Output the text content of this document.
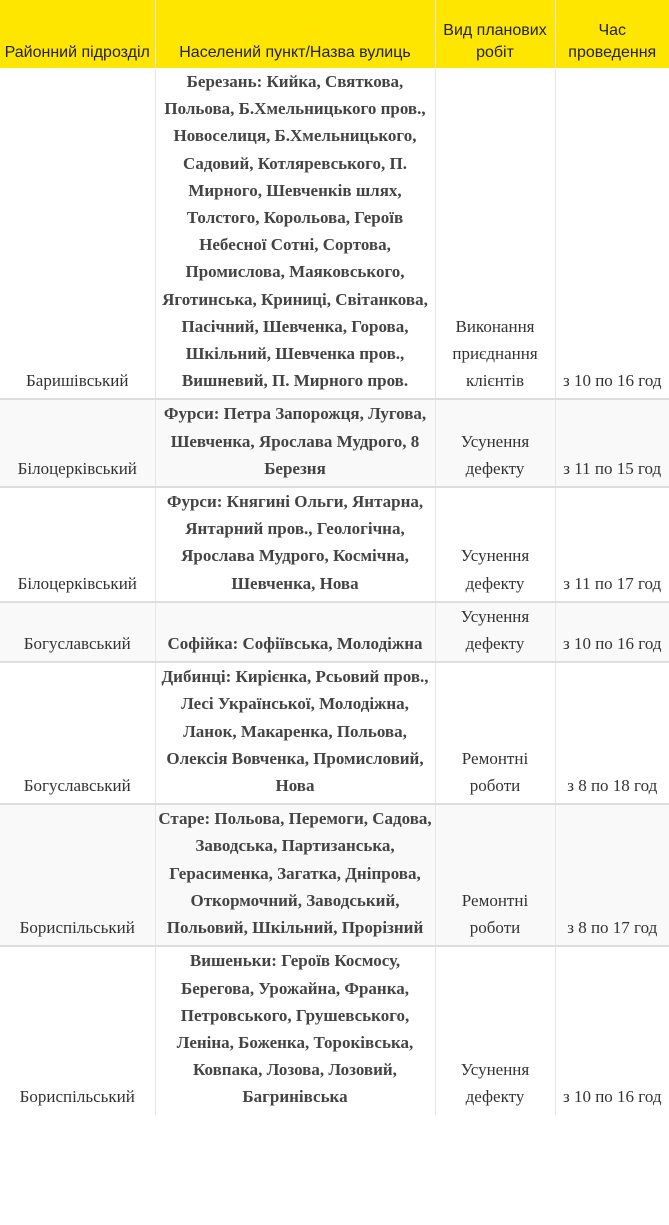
Районний підрозділ	Населений пункт/Назва вулиць	Вид планових робіт	Час проведення
Баришівський	Березань: Кийка, Святкова, Польова, Б.Хмельницького пров., Новоселиця, Б.Хмельницького, Садовий, Котляревського, П. Мирного, Шевченків шлях, Толстого, Корольова, Героїв Небесної Сотні, Сортова, Промислова, Маяковського, Яготинська, Криниці, Світанкова, Пасічний, Шевченка, Горова, Шкільний, Шевченка пров., Вишневий, П. Мирного пров.	Виконання приєднання клієнтів	з 10 по 16 год
Білоцерківський	Фурси: Петра Запорожця, Лугова, Шевченка, Ярослава Мудрого, 8 Березня	Усунення дефекту	з 11 по 15 год
Білоцерківський	Фурси: Княгині Ольги, Янтарна, Янтарний пров., Геологічна, Ярослава Мудрого, Космічна, Шевченка, Нова	Усунення дефекту	з 11 по 17 год
Богуславський	Софійка: Софіївська, Молодіжна	Усунення дефекту	з 10 по 16 год
Богуславський	Дибинці: Кирієнка, Рсьовий пров., Лесі Української, Молодіжна, Ланок, Макаренка, Польова, Олексія Вовченка, Промисловий, Нова	Ремонтні роботи	з 8 по 18 год
Бориспільський	Старе: Польова, Перемоги, Садова, Заводська, Партизанська, Герасименка, Загатка, Дніпрова, Откормочний, Заводський, Польовий, Шкільний, Прорізний	Ремонтні роботи	з 8 по 17 год
Бориспільський	Вишеньки: Героїв Космосу, Берегова, Урожайна, Франка, Петровського, Грушевського, Леніна, Боженка, Тороківська, Ковпака, Лозова, Лозовий, Багринівська	Усунення дефекту	з 10 по 16 год
